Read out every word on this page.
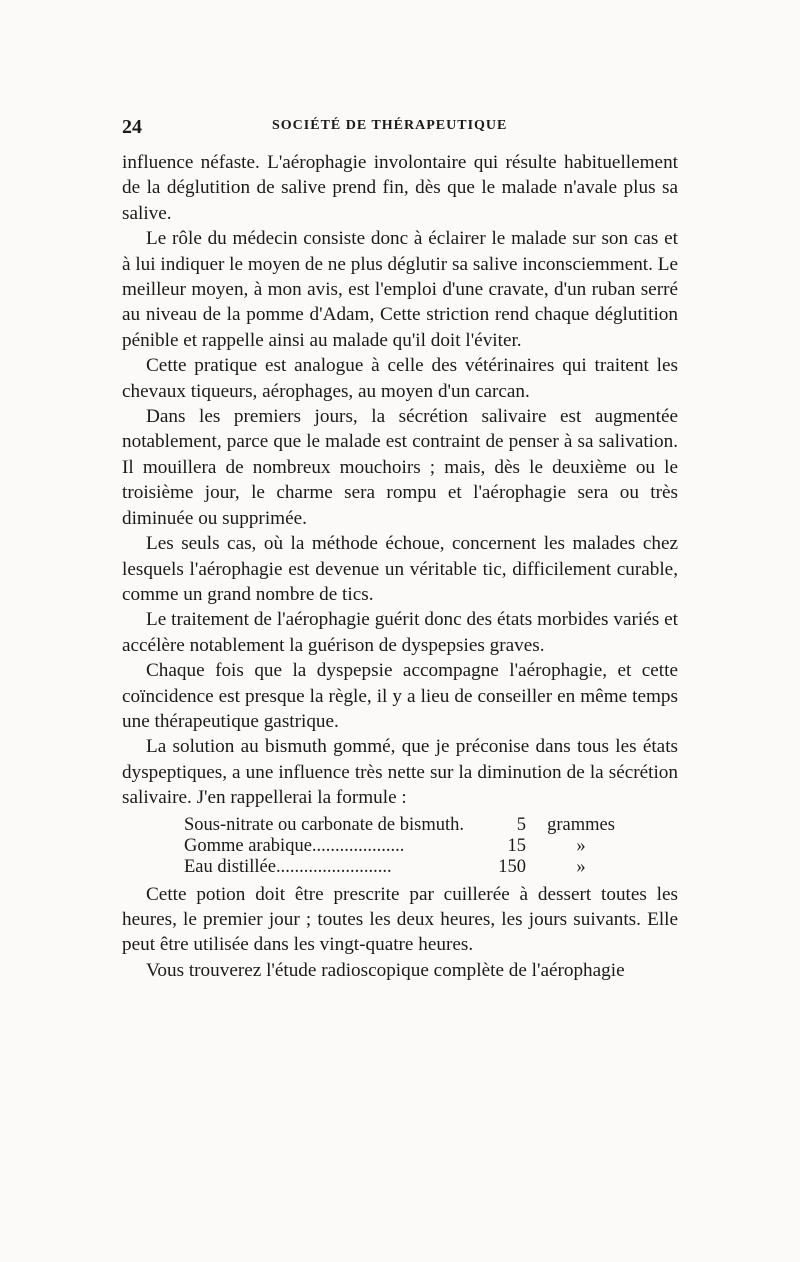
24	SOCIÉTÉ DE THÉRAPEUTIQUE

influence néfaste. L'aérophagie involontaire qui résulte habituellement de la déglutition de salive prend fin, dès que le malade n'avale plus sa salive.

Le rôle du médecin consiste donc à éclairer le malade sur son cas et à lui indiquer le moyen de ne plus déglutir sa salive inconsciemment. Le meilleur moyen, à mon avis, est l'emploi d'une cravate, d'un ruban serré au niveau de la pomme d'Adam, Cette striction rend chaque déglutition pénible et rappelle ainsi au malade qu'il doit l'éviter.

Cette pratique est analogue à celle des vétérinaires qui traitent les chevaux tiqueurs, aérophages, au moyen d'un carcan.

Dans les premiers jours, la sécrétion salivaire est augmentée notablement, parce que le malade est contraint de penser à sa salivation. Il mouillera de nombreux mouchoirs ; mais, dès le deuxième ou le troisième jour, le charme sera rompu et l'aérophagie sera ou très diminuée ou supprimée.

Les seuls cas, où la méthode échoue, concernent les malades chez lesquels l'aérophagie est devenue un véritable tic, difficilement curable, comme un grand nombre de tics.

Le traitement de l'aérophagie guérit donc des états morbides variés et accélère notablement la guérison de dyspepsies graves.

Chaque fois que la dyspepsie accompagne l'aérophagie, et cette coïncidence est presque la règle, il y a lieu de conseiller en même temps une thérapeutique gastrique.

La solution au bismuth gommé, que je préconise dans tous les états dyspeptiques, a une influence très nette sur la diminution de la sécrétion salivaire. J'en rappellerai la formule :

Sous-nitrate ou carbonate de bismuth.	5	grammes
Gomme arabique....................	15	»
Eau distillée.........................	150	»

Cette potion doit être prescrite par cuillerée à dessert toutes les heures, le premier jour ; toutes les deux heures, les jours suivants. Elle peut être utilisée dans les vingt-quatre heures.

Vous trouverez l'étude radioscopique complète de l'aérophagie
